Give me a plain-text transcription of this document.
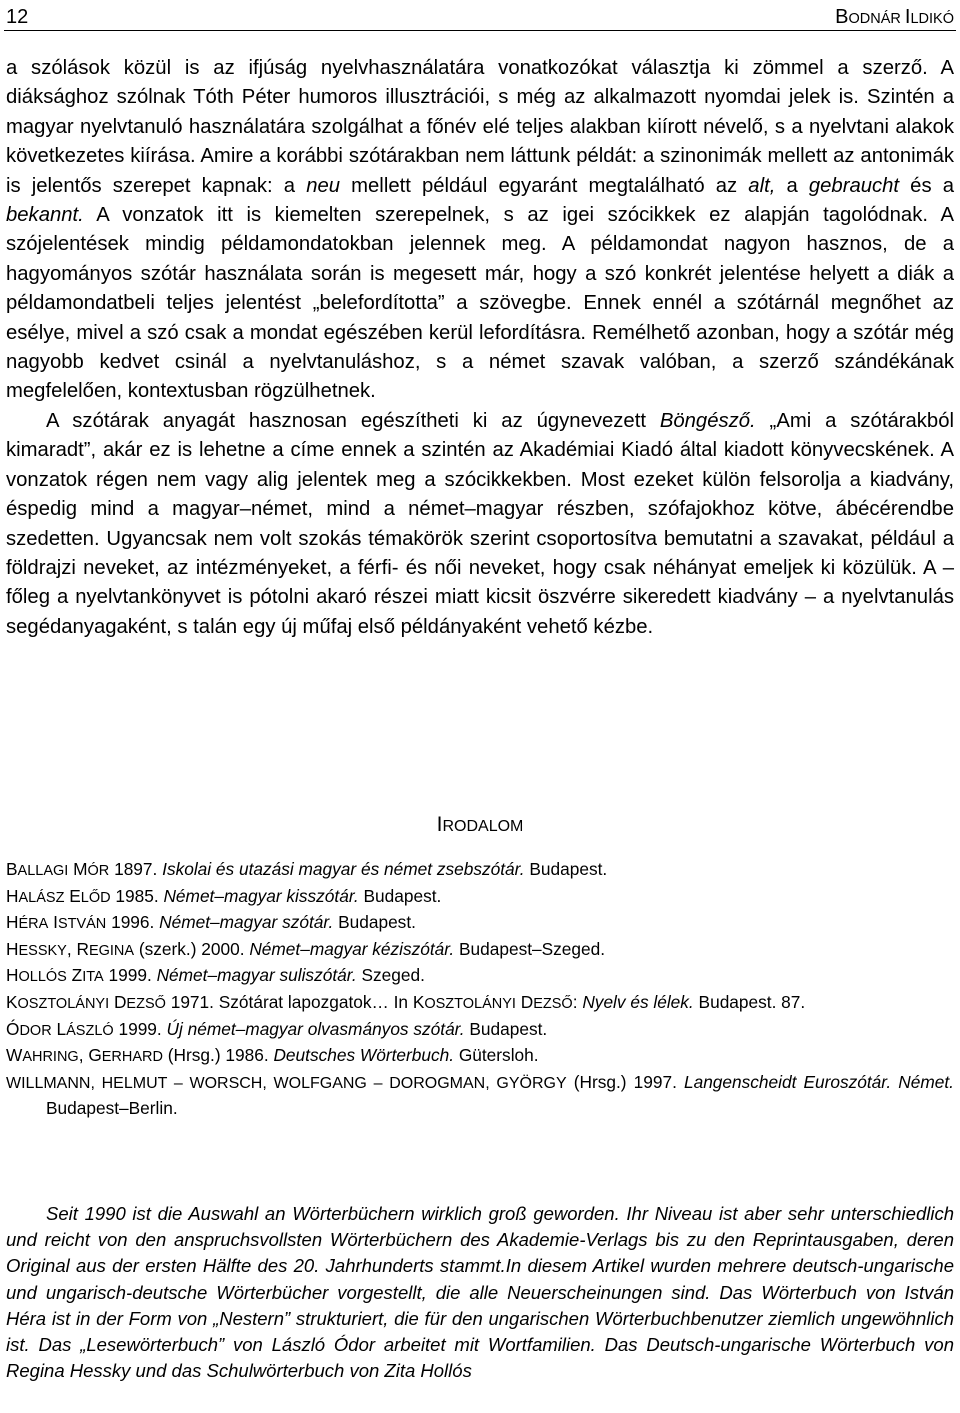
12	BODNÁR ILDIKÓ

a szólások közül is az ifjúság nyelvhasználatára vonatkozókat választja ki zömmel a szerző. A diáksághoz szólnak Tóth Péter humoros illusztrációi, s még az alkalmazott nyomdai jelek is. Szintén a magyar nyelvtanuló használatára szolgálhat a főnév elé teljes alakban kiírott névelő, s a nyelvtani alakok következetes kiírása. Amire a korábbi szótárakban nem láttunk példát: a szinonimák mellett az antonimák is jelentős szerepet kapnak: a neu mellett például egyaránt megtalálható az alt, a gebraucht és a bekannt. A vonzatok itt is kiemelten szerepelnek, s az igei szócikkek ez alapján tagolódnak. A szójelentések mindig példamondatokban jelennek meg. A példamondat nagyon hasznos, de a hagyományos szótár használata során is megesett már, hogy a szó konkrét jelentése helyett a diák a példamondatbeli teljes jelentést „belefordította” a szövegbe. Ennek ennél a szótárnál megnőhet az esélye, mivel a szó csak a mondat egészében kerül lefordításra. Remélhető azonban, hogy a szótár még nagyobb kedvet csinál a nyelvtanuláshoz, s a német szavak valóban, a szerző szándékának megfelelően, kontextusban rögzülhetnek.

A szótárak anyagát hasznosan egészítheti ki az úgynevezett Böngésző. „Ami a szótárakból kimaradt”, akár ez is lehetne a címe ennek a szintén az Akadémiai Kiadó által kiadott könyvecskének. A vonzatok régen nem vagy alig jelentek meg a szócikkekben. Most ezeket külön felsorolja a kiadvány, éspedig mind a magyar–német, mind a német–magyar részben, szófajokhoz kötve, ábécérendbe szedetten. Ugyancsak nem volt szokás témakörök szerint csoportosítva bemutatni a szavakat, például a földrajzi neveket, az intézményeket, a férfi- és női neveket, hogy csak néhányat emeljek ki közülük. A – főleg a nyelvtankönyvet is pótolni akaró részei miatt kicsit öszvérre sikeredett kiadvány – a nyelvtanulás segédanyagaként, s talán egy új műfaj első példányaként vehető kézbe.

IRODALOM

BALLAGI MÓR 1897. Iskolai és utazási magyar és német zsebszótár. Budapest.

HALÁSZ ELŐD 1985. Német–magyar kisszótár. Budapest.

HÉRA ISTVÁN 1996. Német–magyar szótár. Budapest.

HESSKY, REGINA (szerk.) 2000. Német–magyar kéziszótár. Budapest–Szeged.

HOLLÓS ZITA 1999. Német–magyar suliszótár. Szeged.

KOSZTOLÁNYI DEZSŐ 1971. Szótárat lapozgatok… In KOSZTOLÁNYI DEZSŐ: Nyelv és lélek. Budapest. 87.

ÓDOR LÁSZLÓ 1999. Új német–magyar olvasmányos szótár. Budapest.

WAHRING, GERHARD (Hrsg.) 1986. Deutsches Wörterbuch. Gütersloh.

WILLMANN, HELMUT – WORSCH, WOLFGANG – DOROGMAN, GYÖRGY (Hrsg.) 1997. Langenscheidt Euroszótár. Német. Budapest–Berlin.

Seit 1990 ist die Auswahl an Wörterbüchern wirklich groß geworden. Ihr Niveau ist aber sehr unterschiedlich und reicht von den anspruchsvollsten Wörterbüchern des Akademie-Verlags bis zu den Reprintausgaben, deren Original aus der ersten Hälfte des 20. Jahrhunderts stammt.In diesem Artikel wurden mehrere deutsch-ungarische und ungarisch-deutsche Wörterbücher vorgestellt, die alle Neuerscheinungen sind. Das Wörterbuch von István Héra ist in der Form von „Nestern” strukturiert, die für den ungarischen Wörterbuchbenutzer ziemlich ungewöhnlich ist. Das „Lesewörterbuch” von László Ódor arbeitet mit Wortfamilien. Das Deutsch-ungarische Wörterbuch von Regina Hessky und das Schulwörterbuch von Zita Hollós
